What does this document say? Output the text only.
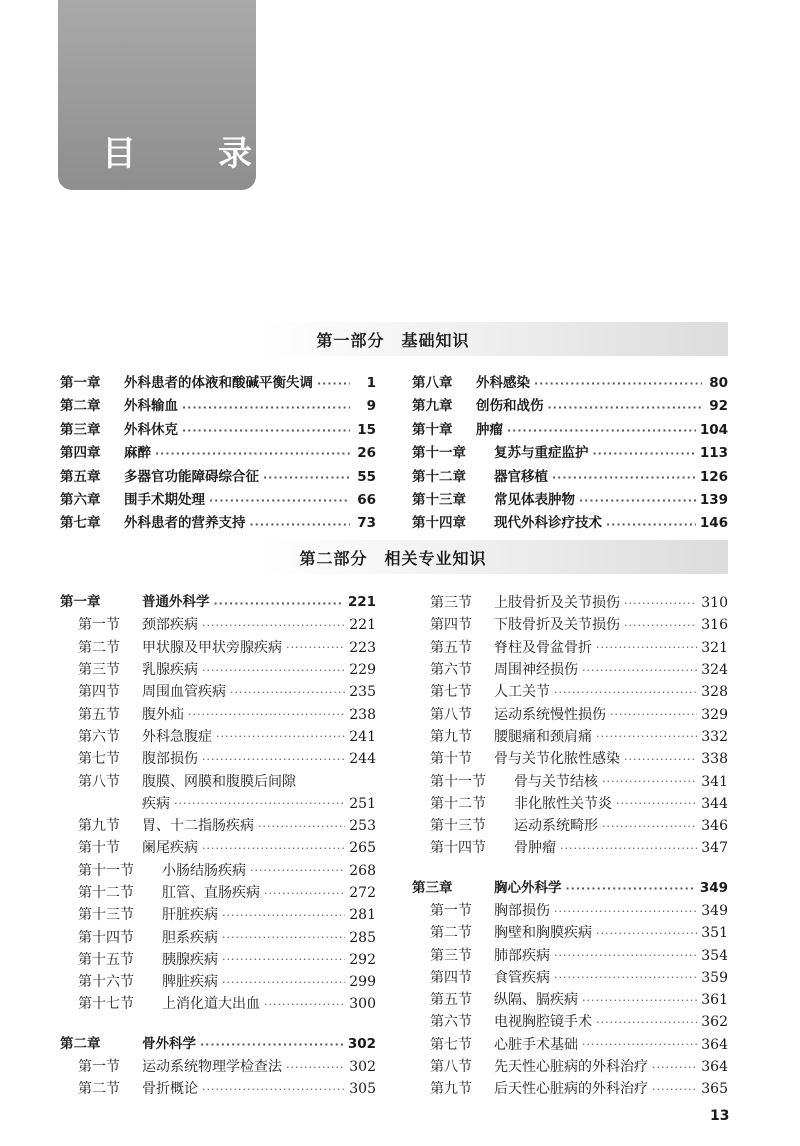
目　录
第一部分　基础知识
第一章	外科患者的体液和酸碱平衡失调 ·····	1
第二章	外科输血 ·····	9
第三章	外科休克 ·····	15
第四章	麻醉 ·····	26
第五章	多器官功能障碍综合征 ·····	55
第六章	围手术期处理 ·····	66
第七章	外科患者的营养支持 ·····	73
第八章	外科感染 ·····	80
第九章	创伤和战伤 ·····	92
第十章	肿瘤 ·····	104
第十一章	复苏与重症监护 ·····	113
第十二章	器官移植 ·····	126
第十三章	常见体表肿物 ·····	139
第十四章	现代外科诊疗技术 ·····	146
第二部分　相关专业知识
第一章	普通外科学 ·····	221
第一节	颈部疾病 ·····	221
第二节	甲状腺及甲状旁腺疾病 ·····	223
第三节	乳腺疾病 ·····	229
第四节	周围血管疾病 ·····	235
第五节	腹外疝 ·····	238
第六节	外科急腹症 ·····	241
第七节	腹部损伤 ·····	244
第八节	腹膜、网膜和腹膜后间隙
疾病 ·····	251
第九节	胃、十二指肠疾病 ·····	253
第十节	阑尾疾病 ·····	265
第十一节	小肠结肠疾病 ·····	268
第十二节	肛管、直肠疾病 ·····	272
第十三节	肝脏疾病 ·····	281
第十四节	胆系疾病 ·····	285
第十五节	胰腺疾病 ·····	292
第十六节	脾脏疾病 ·····	299
第十七节	上消化道大出血 ·····	300
第二章	骨外科学 ·····	302
第一节	运动系统物理学检查法 ·····	302
第二节	骨折概论 ·····	305
第三节	上肢骨折及关节损伤 ·····	310
第四节	下肢骨折及关节损伤 ·····	316
第五节	脊柱及骨盆骨折 ·····	321
第六节	周围神经损伤 ·····	324
第七节	人工关节 ·····	328
第八节	运动系统慢性损伤 ·····	329
第九节	腰腿痛和颈肩痛 ·····	332
第十节	骨与关节化脓性感染 ·····	338
第十一节	骨与关节结核 ·····	341
第十二节	非化脓性关节炎 ·····	344
第十三节	运动系统畸形 ·····	346
第十四节	骨肿瘤 ·····	347
第三章	胸心外科学 ·····	349
第一节	胸部损伤 ·····	349
第二节	胸壁和胸膜疾病 ·····	351
第三节	肺部疾病 ·····	354
第四节	食管疾病 ·····	359
第五节	纵隔、膈疾病 ·····	361
第六节	电视胸腔镜手术 ·····	362
第七节	心脏手术基础 ·····	364
第八节	先天性心脏病的外科治疗 ·····	364
第九节	后天性心脏病的外科治疗 ·····	365
13
